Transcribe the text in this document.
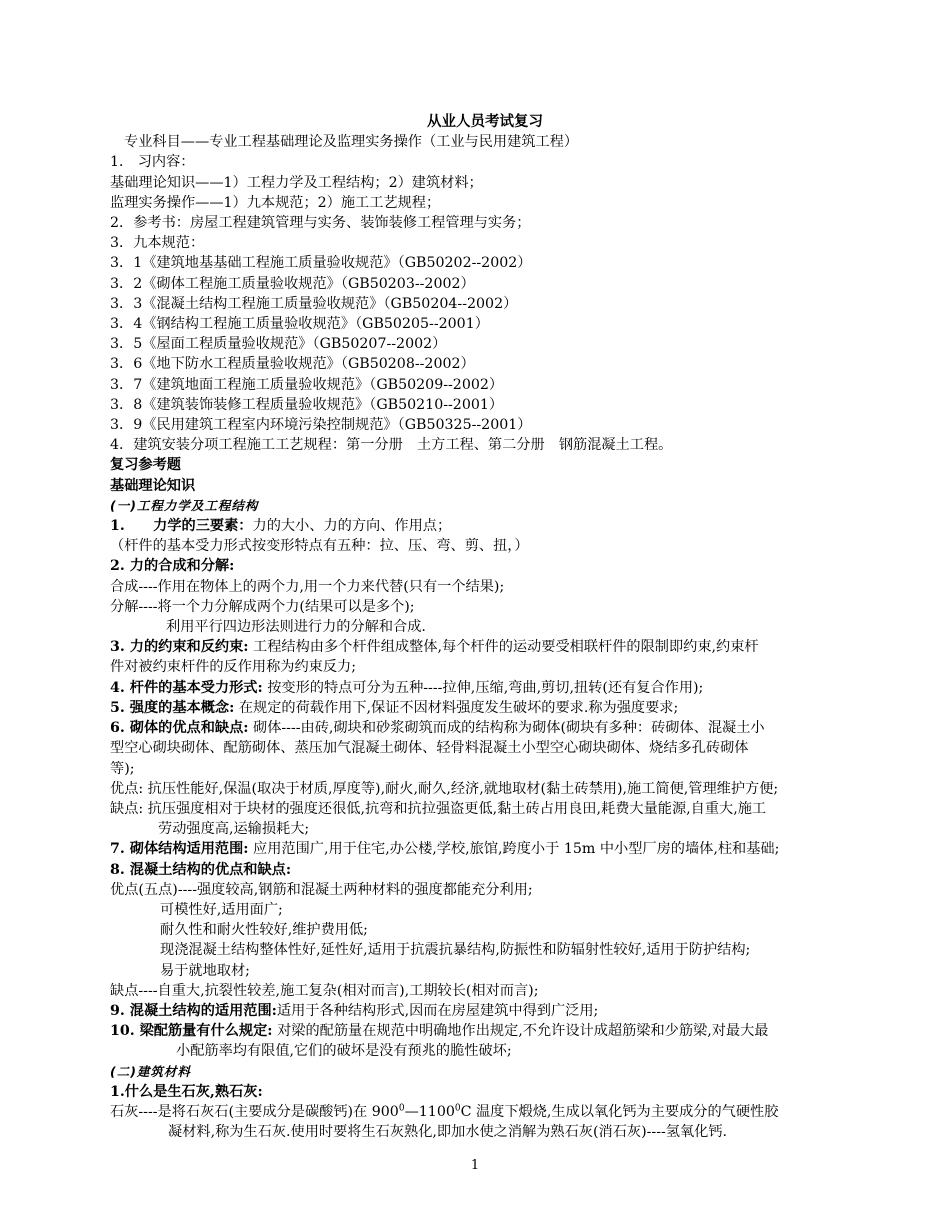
从业人员考试复习
专业科目——专业工程基础理论及监理实务操作（工业与民用建筑工程）
1． 习内容：
基础理论知识——1）工程力学及工程结构；2）建筑材料；
监理实务操作——1）九本规范；2）施工工艺规程；
2．参考书：房屋工程建筑管理与实务、装饰装修工程管理与实务；
3．九本规范：
3．1《建筑地基基础工程施工质量验收规范》（GB50202--2002）
3．2《砌体工程施工质量验收规范》（GB50203--2002）
3．3《混凝土结构工程施工质量验收规范》（GB50204--2002）
3．4《钢结构工程施工质量验收规范》（GB50205--2001）
3．5《屋面工程质量验收规范》（GB50207--2002）
3．6《地下防水工程质量验收规范》（GB50208--2002）
3．7《建筑地面工程施工质量验收规范》（GB50209--2002）
3．8《建筑装饰装修工程质量验收规范》（GB50210--2001）
3．9《民用建筑工程室内环境污染控制规范》（GB50325--2001）
4．建筑安装分项工程施工工艺规程：第一分册　土方工程、第二分册　钢筋混凝土工程。
复习参考题
基础理论知识
(一)工程力学及工程结构
1.　　力学的三要素：力的大小、力的方向、作用点；
（杆件的基本受力形式按变形特点有五种：拉、压、弯、剪、扭，）
2. 力的合成和分解:
合成----作用在物体上的两个力,用一个力来代替(只有一个结果);
分解----将一个力分解成两个力(结果可以是多个);
利用平行四边形法则进行力的分解和合成.
3. 力的约束和反约束: 工程结构由多个杆件组成整体,每个杆件的运动要受相联杆件的限制即约束,约束杆
件对被约束杆件的反作用称为约束反力;
4. 杆件的基本受力形式: 按变形的特点可分为五种----拉伸,压缩,弯曲,剪切,扭转(还有复合作用);
5. 强度的基本概念: 在规定的荷载作用下,保证不因材料强度发生破坏的要求.称为强度要求;
6. 砌体的优点和缺点: 砌体----由砖,砌块和砂浆砌筑而成的结构称为砌体(砌块有多种：砖砌体、混凝土小
型空心砌块砌体、配筋砌体、蒸压加气混凝土砌体、轻骨料混凝土小型空心砌块砌体、烧结多孔砖砌体
等);
优点: 抗压性能好,保温(取决于材质,厚度等),耐火,耐久,经济,就地取材(黏土砖禁用),施工简便,管理维护方便;
缺点: 抗压强度相对于块材的强度还很低,抗弯和抗拉强盗更低,黏土砖占用良田,耗费大量能源,自重大,施工
劳动强度高,运输损耗大;
7. 砌体结构适用范围: 应用范围广,用于住宅,办公楼,学校,旅馆,跨度小于 15m 中小型厂房的墙体,柱和基础;
8. 混凝土结构的优点和缺点:
优点(五点)----强度较高,钢筋和混凝土两种材料的强度都能充分利用;
可模性好,适用面广;
耐久性和耐火性较好,维护费用低;
现浇混凝土结构整体性好,延性好,适用于抗震抗暴结构,防振性和防辐射性较好,适用于防护结构;
易于就地取材;
缺点----自重大,抗裂性较差,施工复杂(相对而言),工期较长(相对而言);
9. 混凝土结构的适用范围:适用于各种结构形式,因而在房屋建筑中得到广泛用;
10. 梁配筋量有什么规定: 对梁的配筋量在规范中明确地作出规定,不允许设计成超筋梁和少筋梁,对最大最
小配筋率均有限值,它们的破坏是没有预兆的脆性破坏;
(二)建筑材料
1.什么是生石灰,熟石灰:
石灰----是将石灰石(主要成分是碳酸钙)在 $900^0—1100^0C$ 温度下煅烧,生成以氧化钙为主要成分的气硬性胶
凝材料,称为生石灰.使用时要将生石灰熟化,即加水使之消解为熟石灰(消石灰)----氢氧化钙.
1
